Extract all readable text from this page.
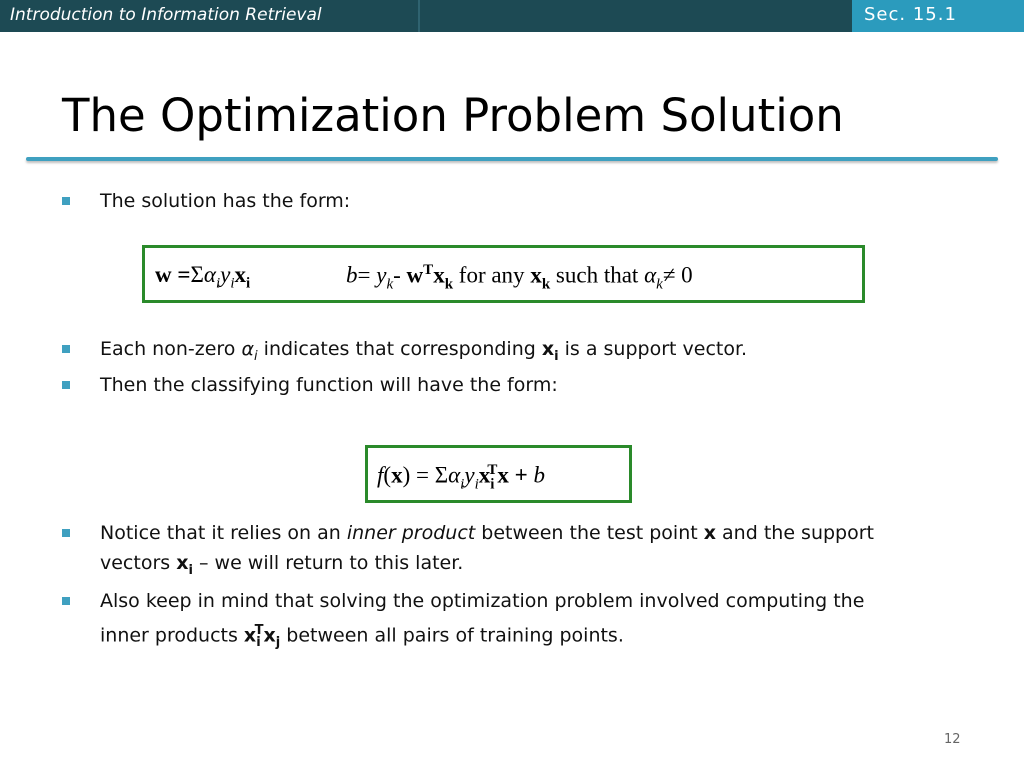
Introduction to Information Retrieval	Sec. 15.1
The Optimization Problem Solution
The solution has the form:
$w =\Sigma\alpha_iy_ix_i$	$b= y_k-$ $w^Tx_k$ for any $x_k$ such that $\alpha_k\ne 0$
Each non-zero $\alpha_i$ indicates that corresponding $x_i$ is a support vector.
Then the classifying function will have the form:
$f(x) = \Sigma\alpha_iy_ix_i^Tx + b$
Notice that it relies on an inner product between the test point x and the support
vectors $x_i$ – we will return to this later.
Also keep in mind that solving the optimization problem involved computing the
inner products $x_i^Tx_j$ between all pairs of training points.
12
